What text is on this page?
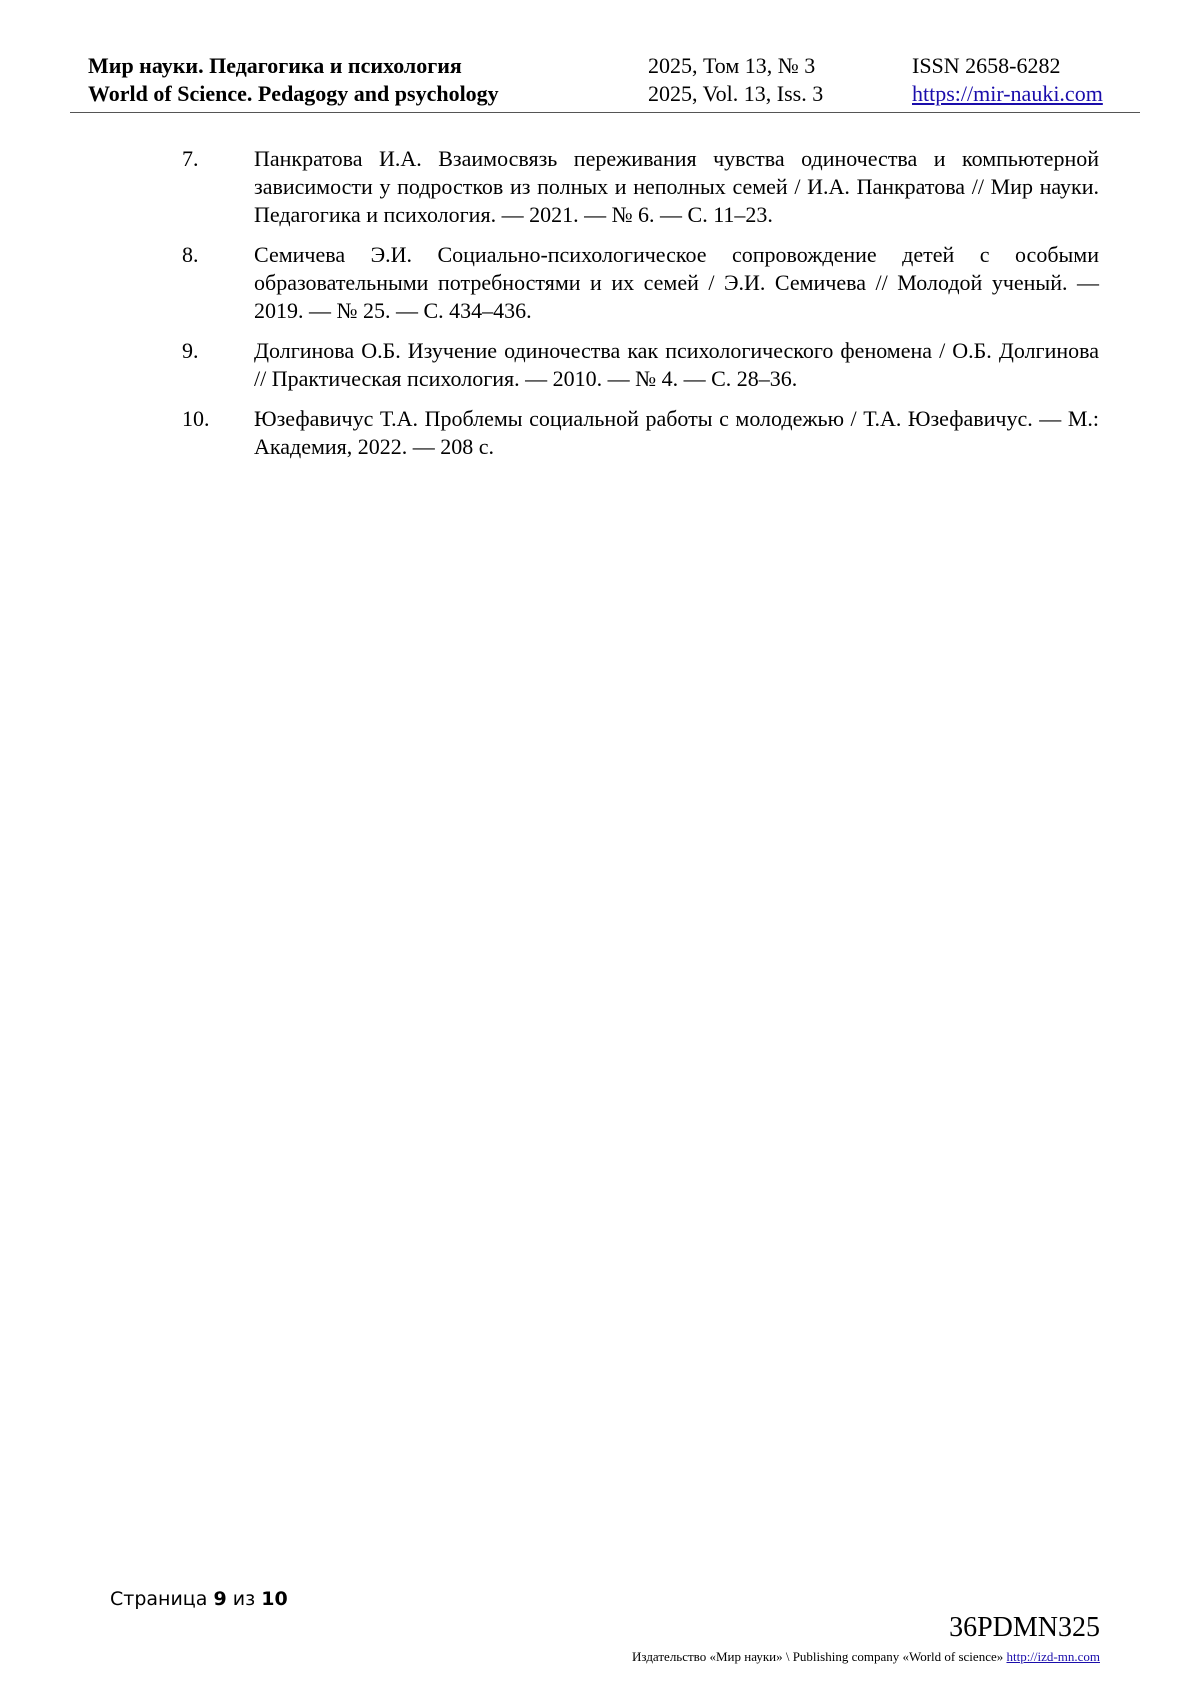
Мир науки. Педагогика и психология
World of Science. Pedagogy and psychology
2025, Том 13, № 3
2025, Vol. 13, Iss. 3
ISSN 2658-6282
https://mir-nauki.com
7.	Панкратова И.А. Взаимосвязь переживания чувства одиночества и компьютерной зависимости у подростков из полных и неполных семей / И.А. Панкратова // Мир науки. Педагогика и психология. — 2021. — № 6. — С. 11–23.
8.	Семичева Э.И. Социально-психологическое сопровождение детей с особыми образовательными потребностями и их семей / Э.И. Семичева // Молодой ученый. — 2019. — № 25. — С. 434–436.
9.	Долгинова О.Б. Изучение одиночества как психологического феномена / О.Б. Долгинова // Практическая психология. — 2010. — № 4. — С. 28–36.
10. Юзефавичус Т.А. Проблемы социальной работы с молодежью / Т.А. Юзефавичус. — М.: Академия, 2022. — 208 с.
Страница 9 из 10
36PDMN325
Издательство «Мир науки» \ Publishing company «World of science» http://izd-mn.com
